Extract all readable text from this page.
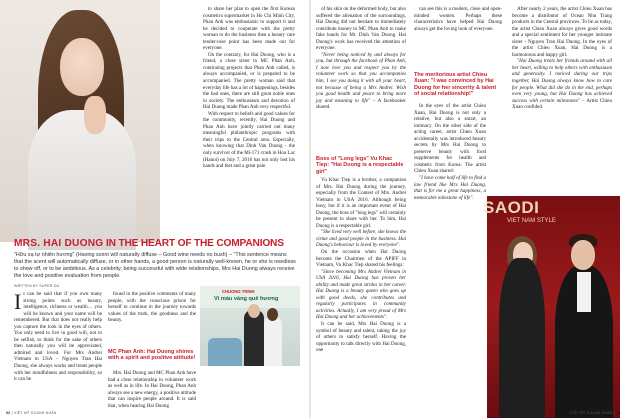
MRS. HAI DUONG IN THE HEART OF THE COMPANIONS
"Hữu xạ tự nhiên hương" (Having scent will naturally diffuse – Good wine needs no bush) – "This sentence means that the scent will automatically diffuse, or in other hands, a good person is naturally well-known, he or she is needless to show off, or to be ambitious. As a celebrity, being successful with wide relationships, Mrs Hai Duong always receive the love and positive evaluation from people.
WRITTEN BY SUPER DU
It can be said that if you own many strong points such as beauty, intelligence, richness or wealth… you will be known and your name will be remembered. But that does not really help you capture the look in the eyes of others. You only need to live in good will, not to be selfish, to think for the sake of others then naturally you will be appreciated, admired and loved. For Mrs Andrei Vietnam in USA – Nguyen Tran Hai Duong, she always works and treats people with her mindfulness and responsibility, so it can be

to share her plan to open the first Korean cosmetics supermarket in Ho Chi Minh City, Phan Anh was enthusiastic to support it and he decided to cooperate with the pretty woman to do the business then a beauty care tender-rose point has been made out for everyone.

On the contrary, for Hai Duong, who is a friend, a close sister to MC Phan Anh, continuing projects that Phan Anh called, is always accompanied, or is prepared to be accompanied. The pretty woman said that everyday life has a lot of happenings, besides the bad ones, there are still great noble ones in society. The enthusiasm and devotion of Hai Duong made Phan Anh very respectful.

With respect to beliefs and good values for the community, recently, Hai Duong and Phan Anh have jointly carried out many meaningful philanthropic programs with their trips to the Central area. Especially, when knowing that Dinh Van Duong - the only survivor of the Mi-171 crash in Hoa Lac (Hanoi) on July 7, 2016 has not only lost his hands and feet and a great pain

found in the positive comments of many people, with the conscious prison for herself to continue in the journey towards values of the truth, the goodness and the beauty.

MC Phan Anh: Hai Duong shines with a spirit and positive attitude!

Mrs. Hai Duong and MC Phan Anh have had a close relationship in volunteer work as well as in life. In Hai Duong, Phan Anh always see a new energy, a positive attitude that can inspire people around. It is said that, when hearing Hai Duong

CHUONG TRINH
Vì màu vàng quê hương
92 | VIỆT MỸ DOANH NHÂN

of his skin on the deformed body, but also suffered the alienation of the surroundings, Hai Duong did not hesitate to immediately contribute money to MC Phan Anh to make fake hands for Mr. Dinh Van Duong. Hai Duong's work has received the attention of everyone.

"Never being noticed by and always for you, but through the facebook of Phan Anh, I now love you and respect you by the volunteer work so that you accompanies him, I see you doing it with all your heart, not because of being a Mrs Andrei. Wish you good health and peace to bring more joy and meaning to life" – A facebooker shared.

Boss of "Long legs" Vu Khac Tiep: "Hai Duong is a respectable girl"

Vu Khac Tiep is a brother, a companion of Mrs. Hai Duong during the journey, especially from the Contest of Mrs. Andrei Vietnam in USA 2016. Although being busy, but if it is an important event of Hai Duong, the boss of "long legs" will certainly be present to share with her. To him, Hai Duong is a respectable girl.

"She lived very well before, she knows the virtue and good people in the business. Hai Duong's behaviour is loved by everyone".

On the occasion when Hai Duong become the Chairmen of the APIFF in Vietnam, Vu Khac Tiep shared his feelings:

"Since becoming Mrs Andrei Vietnam in USA 2016, Hai Duong has proven her ability and made great strides in her career. Hai Duong is a beauty queen who goes up with good deeds, she contributes and regularly participates in community activities. Actually, I am very proud of Mrs Hai Duong and her achievements".

It can be said, Mrs Hai Duong is a symbol of beauty and talent, taking the joy of others to satisfy herself. Having the opportunity to talk directly with Hai Duong, one

can see this is a modern, close and open-minded women. Perhaps these characteristics have helped Hai Duong always get the loving look of everyone.

The meritorious artist Chieu Xuan: "I was convinced by Hai Duong for her sincerity & talent of social relationship!"

In the eyes of the artist Chieu Xuan, Hai Duong is not only a relative, but also a smart, an intimacy. On the other side of the acting career, artist Chieu Xuan accidentally was introduced beauty secrets by Mrs Hai Duong to preserve beauty with food supplements for health and cosmetic from Korea. The artist Chieu Xuan shared:

"I have come half of life to find a law friend like Mrs Hai Duong, that is for me a great happiness, a memorable milestone of life".

After nearly 2 years, the artist Chieu Xuan has become a distributor of Ocean Nhu Trang products in the Central provinces. To be as today, the artist Chieu Xuan always gives good words and a special sentiment for her younger intimate sister - Nguyen Tran Hai Duong. In the eyes of the artist Chieu Xuan, Hai Duong is a harmonious and happy girl.

"Hai Duong treats her friends around with all her heart, willing to help others with enthusiasm and generosity. I noticed during our trips together, Hai Duong always know how to care for people. What did she do in the end, perhaps even very young, but Hai Duong has achieved success with certain milestones" – Artist Chieu Xuan confided.

SAODI
VIET NAM STYLE
VIỆT MỸ DOANH NHÂN | 93
